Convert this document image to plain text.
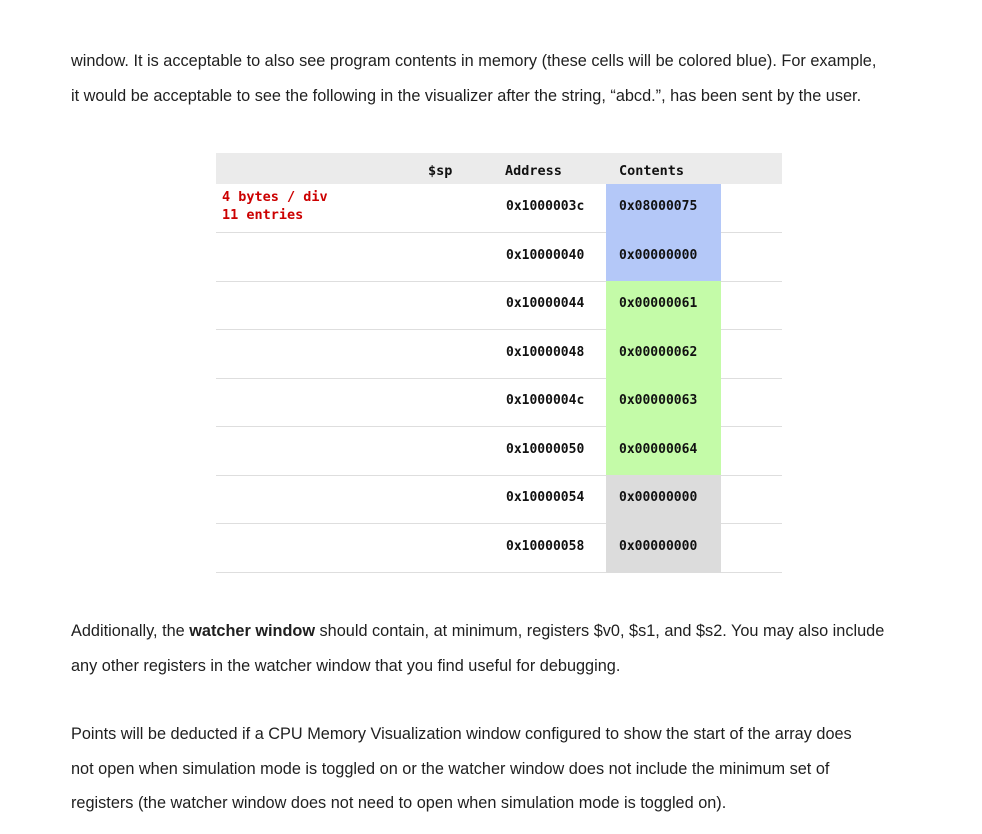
window. It is acceptable to also see program contents in memory (these cells will be colored blue). For example,

it would be acceptable to see the following in the visualizer after the string, “abcd.”, has been sent by the user.

$sp	Address	Contents
4 bytes / div
11 entries
0x1000003c	0x08000075
0x10000040	0x00000000
0x10000044	0x00000061
0x10000048	0x00000062
0x1000004c	0x00000063
0x10000050	0x00000064
0x10000054	0x00000000
0x10000058	0x00000000

Additionally, the watcher window should contain, at minimum, registers $v0, $s1, and $s2. You may also include

any other registers in the watcher window that you find useful for debugging.

Points will be deducted if a CPU Memory Visualization window configured to show the start of the array does

not open when simulation mode is toggled on or the watcher window does not include the minimum set of

registers (the watcher window does not need to open when simulation mode is toggled on).
